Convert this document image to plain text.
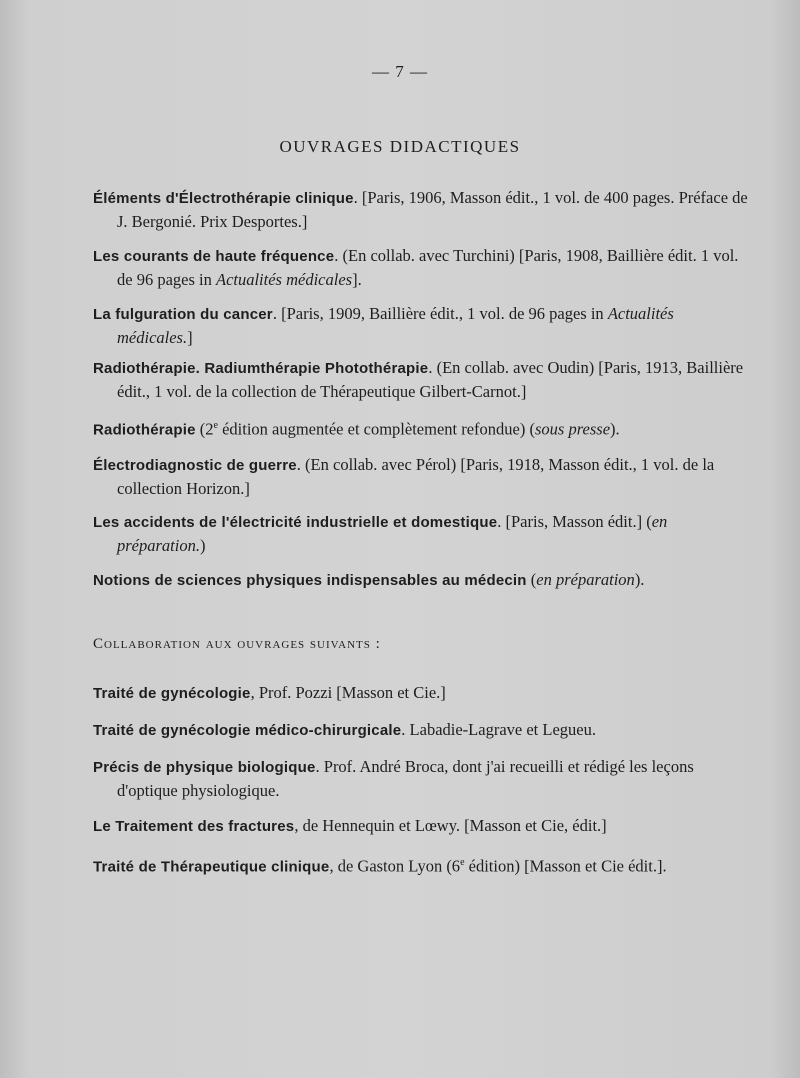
— 7 —
OUVRAGES DIDACTIQUES
Éléments d'Électrothérapie clinique. [Paris, 1906, Masson édit., 1 vol. de 400 pages. Préface de J. Bergonié. Prix Desportes.]
Les courants de haute fréquence. (En collab. avec Turchini) [Paris, 1908, Baillière édit. 1 vol. de 96 pages in Actualités médicales].
La fulguration du cancer. [Paris, 1909, Baillière édit., 1 vol. de 96 pages in Actualités médicales.]
Radiothérapie. Radiumthérapie Photothérapie. (En collab. avec Oudin) [Paris, 1913, Baillière édit., 1 vol. de la collection de Thérapeutique Gilbert-Carnot.]
Radiothérapie (2e édition augmentée et complètement refondue) (sous presse).
Électrodiagnostic de guerre. (En collab. avec Pérol) [Paris, 1918, Masson édit., 1 vol. de la collection Horizon.]
Les accidents de l'électricité industrielle et domestique. [Paris, Masson édit.] (en préparation.)
Notions de sciences physiques indispensables au médecin (en préparation).
Collaboration aux ouvrages suivants :
Traité de gynécologie, Prof. Pozzi [Masson et Cie.]
Traité de gynécologie médico-chirurgicale. Labadie-Lagrave et Legueu.
Précis de physique biologique. Prof. André Broca, dont j'ai recueilli et rédigé les leçons d'optique physiologique.
Le Traitement des fractures, de Hennequin et Lœwy. [Masson et Cie, édit.]
Traité de Thérapeutique clinique, de Gaston Lyon (6e édition) [Masson et Cie édit.].
